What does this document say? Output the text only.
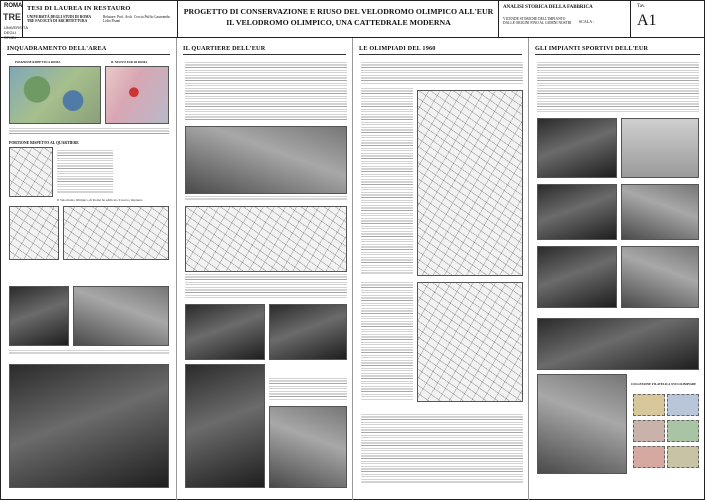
ROMA
TRE
UNIVERSITÀ DEGLI STUDI
TESI DI LAUREA IN RESTAURO
UNIVERSITÀ DEGLI STUDI DI ROMA TRE FACOLTÀ DI ARCHITETTURA
Relatore: Prof. Arch. Ceccia Puffio Laureanda: Lidia Pisani
PROGETTO DI CONSERVAZIONE E RIUSO DEL VELODROMO OLIMPICO ALL'EUR
IL VELODROMO OLIMPICO, UNA CATTEDRALE MODERNA
ANALISI STORICA DELLA FABBRICA
VICENDE STORICHE DELL'IMPIANTO DALLE ORIGINI FINO AL GIORNI NOSTRI	SCALA :
Tav.
A1
INQUADRAMENTO DELL'AREA
POSIZIONE RISPETTO A ROMA	IL NUOVO EUR DI ROMA
PORTIONE RISPETTO AL QUARTIERE
Il Velodromo Olimpico di Roma ha edificato il nuovo impianto
IL QUARTIERE DELL'EUR	LE OLIMPIADI DEL 1960	GLI IMPIANTI SPORTIVI DELL'EUR
COLLEZIONE FILATELICA XVII OLIMPIADE
